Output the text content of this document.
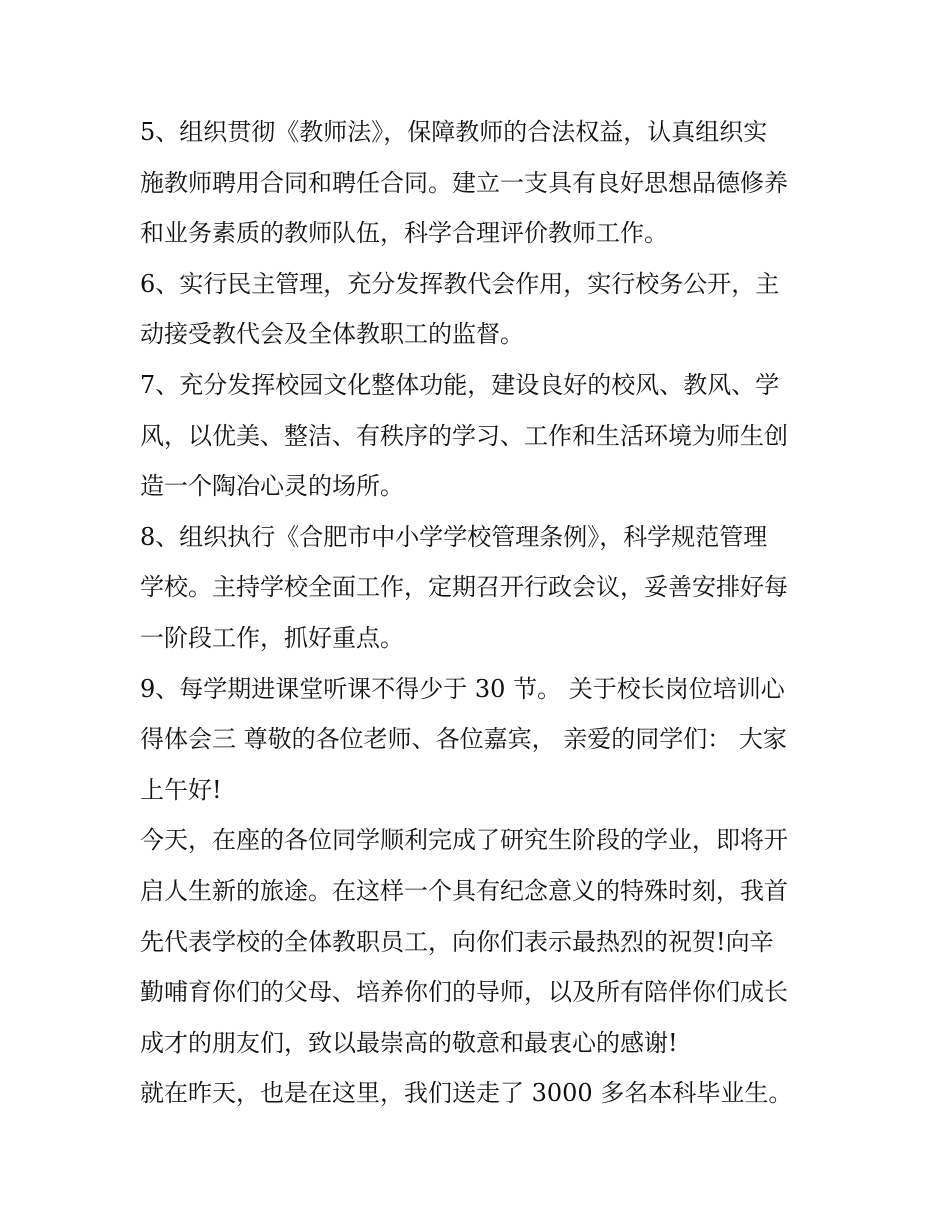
5、组织贯彻《教师法》，保障教师的合法权益，认真组织实
施教师聘用合同和聘任合同。建立一支具有良好思想品德修养
和业务素质的教师队伍，科学合理评价教师工作。
6、实行民主管理，充分发挥教代会作用，实行校务公开，主
动接受教代会及全体教职工的监督。
7、充分发挥校园文化整体功能，建设良好的校风、教风、学
风，以优美、整洁、有秩序的学习、工作和生活环境为师生创
造一个陶冶心灵的场所。
8、组织执行《合肥市中小学学校管理条例》，科学规范管理
学校。主持学校全面工作，定期召开行政会议，妥善安排好每
一阶段工作，抓好重点。
9、每学期进课堂听课不得少于 30 节。 关于校长岗位培训心
得体会三 尊敬的各位老师、各位嘉宾， 亲爱的同学们： 大家
上午好!
今天，在座的各位同学顺利完成了研究生阶段的学业，即将开
启人生新的旅途。在这样一个具有纪念意义的特殊时刻，我首
先代表学校的全体教职员工，向你们表示最热烈的祝贺!向辛
勤哺育你们的父母、培养你们的导师，以及所有陪伴你们成长
成才的朋友们，致以最崇高的敬意和最衷心的感谢!
就在昨天，也是在这里，我们送走了 3000 多名本科毕业生。
